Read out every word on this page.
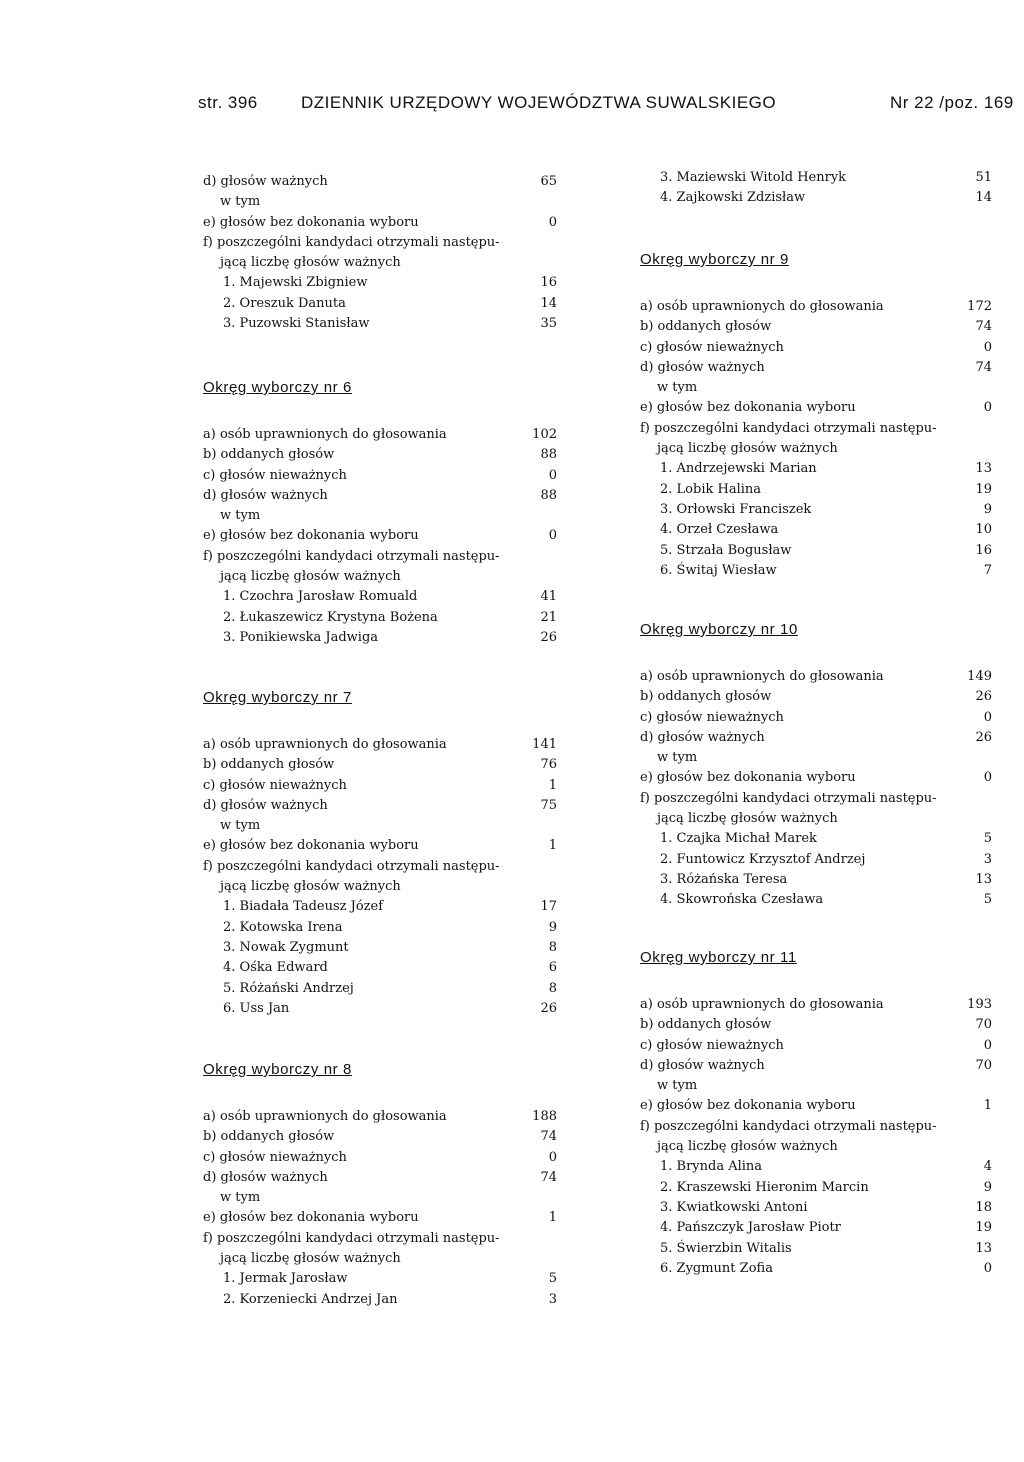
str. 396	DZIENNIK URZĘDOWY WOJEWÓDZTWA SUWALSKIEGO	Nr 22 /poz. 169
d) głosów ważnych	65
w tym
e) głosów bez dokonania wyboru	0
f) poszczególni kandydaci otrzymali następu-
jącą liczbę głosów ważnych
1. Majewski Zbigniew	16
2. Oreszuk Danuta	14
3. Puzowski Stanisław	35
Okręg wyborczy nr 6
a) osób uprawnionych do głosowania	102
b) oddanych głosów	88
c) głosów nieważnych	0
d) głosów ważnych	88
w tym
e) głosów bez dokonania wyboru	0
f) poszczególni kandydaci otrzymali następu-
jącą liczbę głosów ważnych
1. Czochra Jarosław Romuald	41
2. Łukaszewicz Krystyna Bożena	21
3. Ponikiewska Jadwiga	26
Okręg wyborczy nr 7
a) osób uprawnionych do głosowania	141
b) oddanych głosów	76
c) głosów nieważnych	1
d) głosów ważnych	75
w tym
e) głosów bez dokonania wyboru	1
f) poszczególni kandydaci otrzymali następu-
jącą liczbę głosów ważnych
1. Biadała Tadeusz Józef	17
2. Kotowska Irena	9
3. Nowak Zygmunt	8
4. Ośka Edward	6
5. Różański Andrzej	8
6. Uss Jan	26
Okręg wyborczy nr 8
a) osób uprawnionych do głosowania	188
b) oddanych głosów	74
c) głosów nieważnych	0
d) głosów ważnych	74
w tym
e) głosów bez dokonania wyboru	1
f) poszczególni kandydaci otrzymali następu-
jącą liczbę głosów ważnych
1. Jermak Jarosław	5
2. Korzeniecki Andrzej Jan	3
3. Maziewski Witold Henryk	51
4. Zajkowski Zdzisław	14
Okręg wyborczy nr 9
a) osób uprawnionych do głosowania	172
b) oddanych głosów	74
c) głosów nieważnych	0
d) głosów ważnych	74
w tym
e) głosów bez dokonania wyboru	0
f) poszczególni kandydaci otrzymali następu-
jącą liczbę głosów ważnych
1. Andrzejewski Marian	13
2. Lobik Halina	19
3. Orłowski Franciszek	9
4. Orzeł Czesława	10
5. Strzała Bogusław	16
6. Świtaj Wiesław	7
Okręg wyborczy nr 10
a) osób uprawnionych do głosowania	149
b) oddanych głosów	26
c) głosów nieważnych	0
d) głosów ważnych	26
w tym
e) głosów bez dokonania wyboru	0
f) poszczególni kandydaci otrzymali następu-
jącą liczbę głosów ważnych
1. Czajka Michał Marek	5
2. Funtowicz Krzysztof Andrzej	3
3. Różańska Teresa	13
4. Skowrońska Czesława	5
Okręg wyborczy nr 11
a) osób uprawnionych do głosowania	193
b) oddanych głosów	70
c) głosów nieważnych	0
d) głosów ważnych	70
w tym
e) głosów bez dokonania wyboru	1
f) poszczególni kandydaci otrzymali następu-
jącą liczbę głosów ważnych
1. Brynda Alina	4
2. Kraszewski Hieronim Marcin	9
3. Kwiatkowski Antoni	18
4. Pańszczyk Jarosław Piotr	19
5. Świerzbin Witalis	13
6. Zygmunt Zofia	0
